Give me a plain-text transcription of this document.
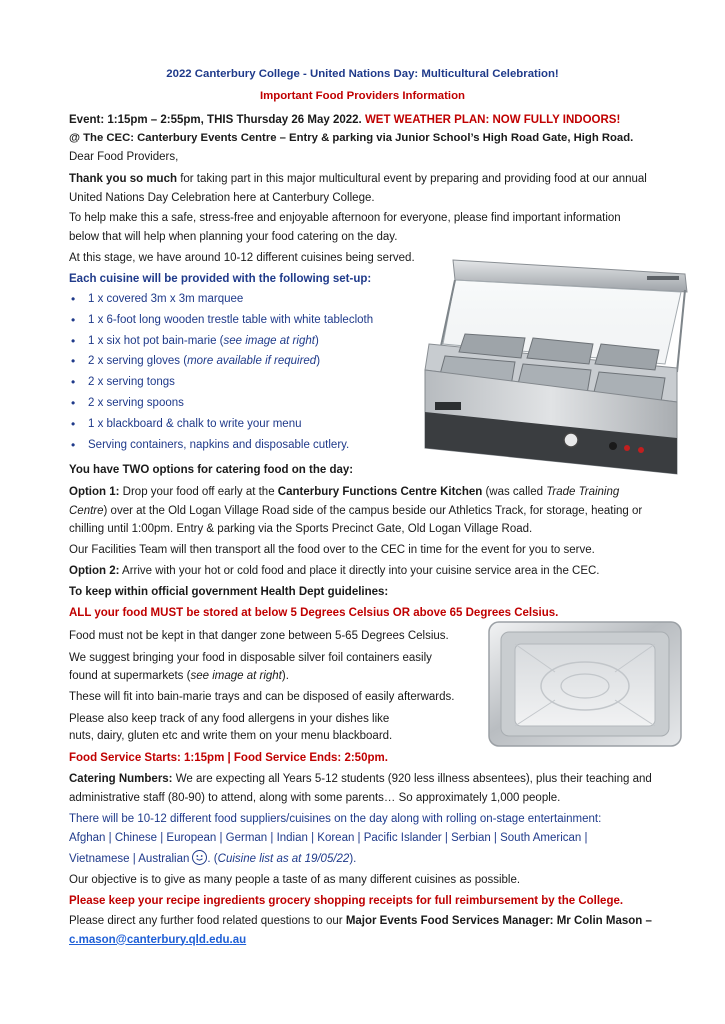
2022 Canterbury College - United Nations Day: Multicultural Celebration!
Important Food Providers Information
Event: 1:15pm – 2:55pm, THIS Thursday 26 May 2022. WET WEATHER PLAN: NOW FULLY INDOORS!
@ The CEC: Canterbury Events Centre – Entry & parking via Junior School’s High Road Gate, High Road.
Dear Food Providers,
Thank you so much for taking part in this major multicultural event by preparing and providing food at our annual United Nations Day Celebration here at Canterbury College.
To help make this a safe, stress-free and enjoyable afternoon for everyone, please find important information below that will help when planning your food catering on the day.
At this stage, we have around 10-12 different cuisines being served.
Each cuisine will be provided with the following set-up:
• 1 x covered 3m x 3m marquee
• 1 x 6-foot long wooden trestle table with white tablecloth
• 1 x six hot pot bain-marie (see image at right)
• 2 x serving gloves (more available if required)
• 2 x serving tongs
• 2 x serving spoons
• 1 x blackboard & chalk to write your menu
• Serving containers, napkins and disposable cutlery.
You have TWO options for catering food on the day:
Option 1: Drop your food off early at the Canterbury Functions Centre Kitchen (was called Trade Training Centre) over at the Old Logan Village Road side of the campus beside our Athletics Track, for storage, heating or chilling until 1:00pm. Entry & parking via the Sports Precinct Gate, Old Logan Village Road.
Our Facilities Team will then transport all the food over to the CEC in time for the event for you to serve.
Option 2: Arrive with your hot or cold food and place it directly into your cuisine service area in the CEC.
To keep within official government Health Dept guidelines:
ALL your food MUST be stored at below 5 Degrees Celsius OR above 65 Degrees Celsius.
Food must not be kept in that danger zone between 5-65 Degrees Celsius.
We suggest bringing your food in disposable silver foil containers easily
found at supermarkets (see image at right).
These will fit into bain-marie trays and can be disposed of easily afterwards.
Please also keep track of any food allergens in your dishes like
nuts, dairy, gluten etc and write them on your menu blackboard.
Food Service Starts: 1:15pm | Food Service Ends: 2:50pm.
Catering Numbers: We are expecting all Years 5-12 students (920 less illness absentees), plus their teaching and administrative staff (80-90) to attend, along with some parents… So approximately 1,000 people.
There will be 10-12 different food suppliers/cuisines on the day along with rolling on-stage entertainment:
Afghan | Chinese | European | German | Indian | Korean | Pacific Islander | Serbian | South American |
Vietnamese | Australian . (Cuisine list as at 19/05/22).
Our objective is to give as many people a taste of as many different cuisines as possible.
Please keep your recipe ingredients grocery shopping receipts for full reimbursement by the College.
Please direct any further food related questions to our Major Events Food Services Manager: Mr Colin Mason – c.mason@canterbury.qld.edu.au
